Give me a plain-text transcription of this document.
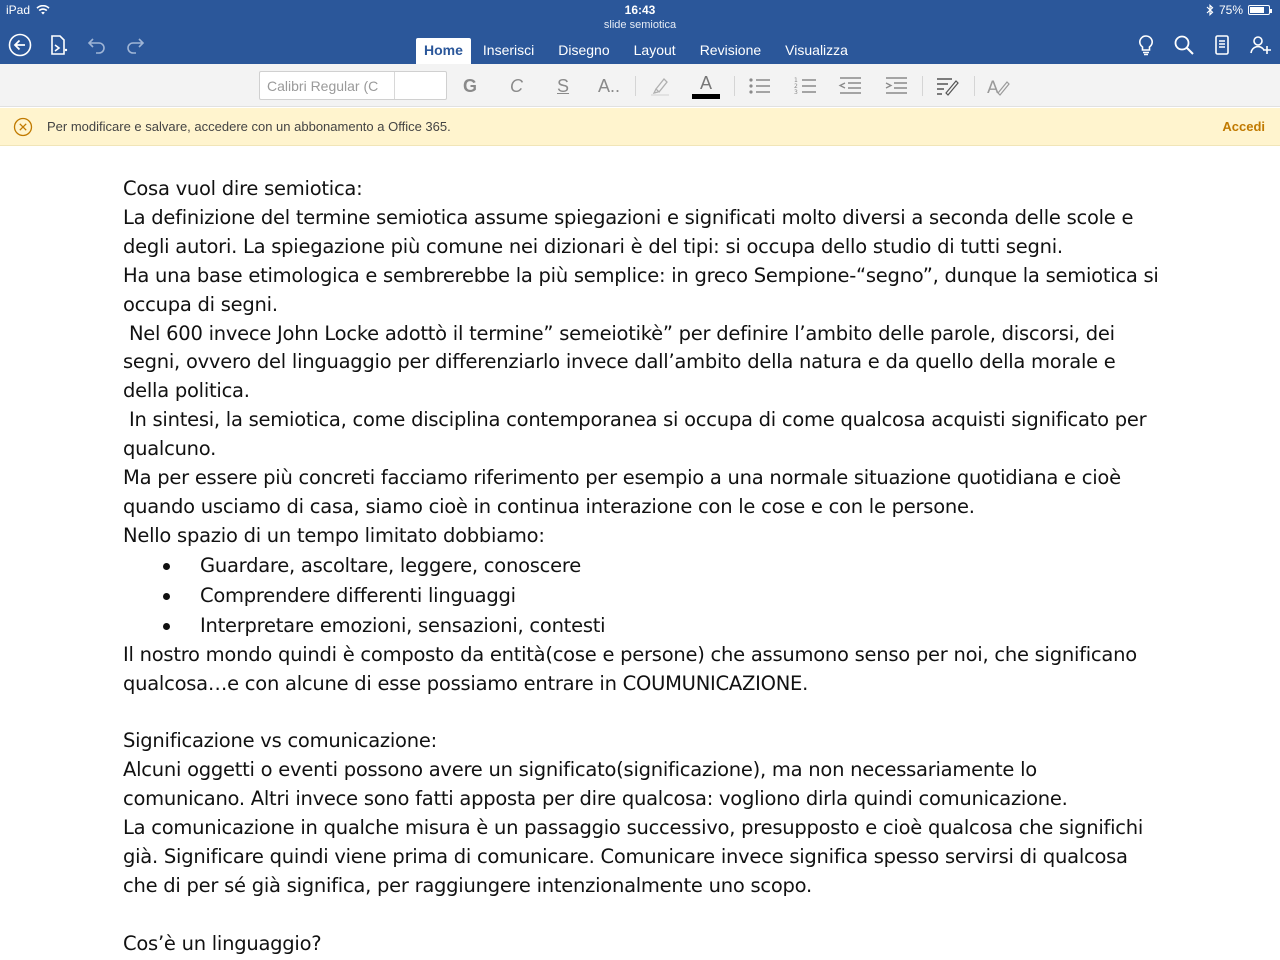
iPad	16:43
slide semiotica
75%
Home	Inserisci	Disegno	Layout	Revisione	Visualizza
Calibri Regular (C
G C S A..	A	1
2
3	A
Per modificare e salvare, accedere con un abbonamento a Office 365.	Accedi

Cosa vuol dire semiotica:

La definizione del termine semiotica assume spiegazioni e significati molto diversi a seconda delle scole e

degli autori. La spiegazione più comune nei dizionari è del tipi: si occupa dello studio di tutti segni.

Ha una base etimologica e sembrerebbe la più semplice: in greco Sempione-“segno”, dunque la semiotica si

occupa di segni.

Nel 600 invece John Locke adottò il termine” semeiotikè” per definire l’ambito delle parole, discorsi, dei

segni, ovvero del linguaggio per differenziarlo invece dall’ambito della natura e da quello della morale e

della politica.

In sintesi, la semiotica, come disciplina contemporanea si occupa di come qualcosa acquisti significato per

qualcuno.

Ma per essere più concreti facciamo riferimento per esempio a una normale situazione quotidiana e cioè

quando usciamo di casa, siamo cioè in continua interazione con le cose e con le persone.

Nello spazio di un tempo limitato dobbiamo:

Guardare, ascoltare, leggere, conoscere
Comprendere differenti linguaggi
Interpretare emozioni, sensazioni, contesti

Il nostro mondo quindi è composto da entità(cose e persone) che assumono senso per noi, che significano

qualcosa…e con alcune di esse possiamo entrare in COUMUNICAZIONE.

Significazione vs comunicazione:

Alcuni oggetti o eventi possono avere un significato(significazione), ma non necessariamente lo

comunicano. Altri invece sono fatti apposta per dire qualcosa: vogliono dirla quindi comunicazione.

La comunicazione in qualche misura è un passaggio successivo, presupposto e cioè qualcosa che significhi

già. Significare quindi viene prima di comunicare. Comunicare invece significa spesso servirsi di qualcosa

che di per sé già significa, per raggiungere intenzionalmente uno scopo.

Cos’è un linguaggio?
